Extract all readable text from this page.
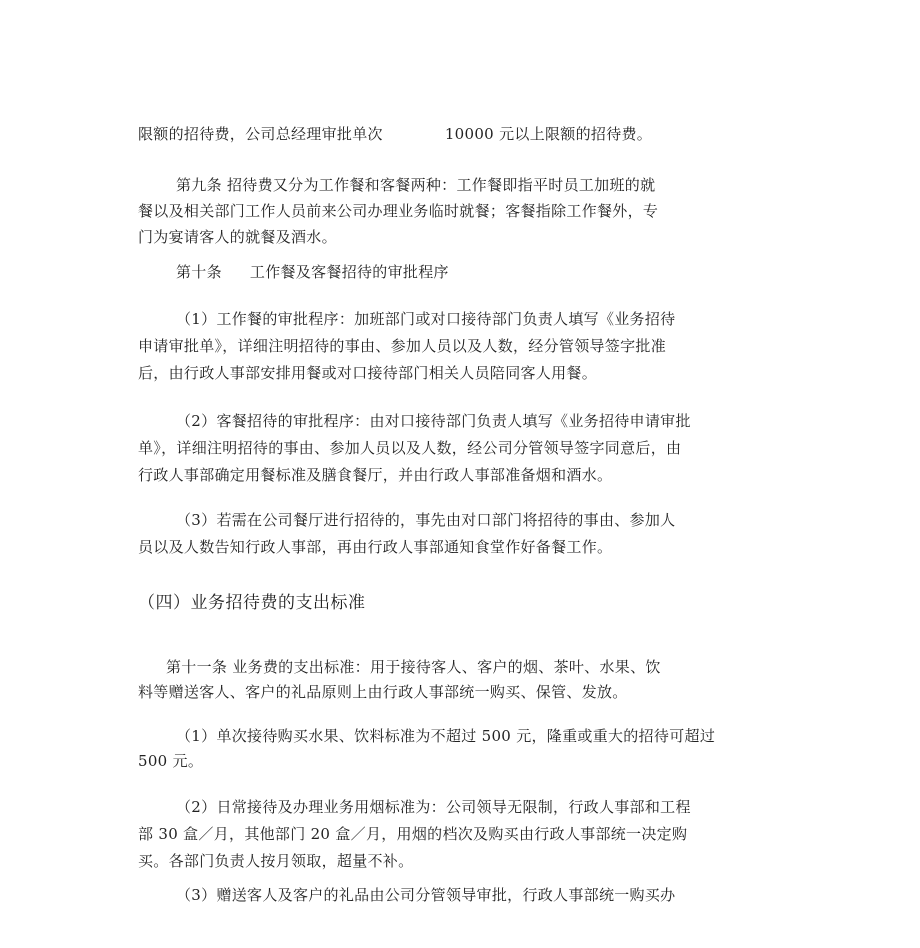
限额的招待费，公司总经理审批单次	10000 元以上限额的招待费。

第九条 招待费又分为工作餐和客餐两种：工作餐即指平时员工加班的就

餐以及相关部门工作人员前来公司办理业务临时就餐；客餐指除工作餐外，专

门为宴请客人的就餐及酒水。

第十条 工作餐及客餐招待的审批程序

（1）工作餐的审批程序：加班部门或对口接待部门负责人填写《业务招待

申请审批单》，详细注明招待的事由、参加人员以及人数，经分管领导签字批准

后，由行政人事部安排用餐或对口接待部门相关人员陪同客人用餐。

（2）客餐招待的审批程序：由对口接待部门负责人填写《业务招待申请审批

单》，详细注明招待的事由、参加人员以及人数，经公司分管领导签字同意后，由

行政人事部确定用餐标准及膳食餐厅，并由行政人事部准备烟和酒水。

（3）若需在公司餐厅进行招待的，事先由对口部门将招待的事由、参加人

员以及人数告知行政人事部，再由行政人事部通知食堂作好备餐工作。

（四）业务招待费的支出标准

第十一条 业务费的支出标准：用于接待客人、客户的烟、茶叶、水果、饮

料等赠送客人、客户的礼品原则上由行政人事部统一购买、保管、发放。

（1）单次接待购买水果、饮料标准为不超过 500 元，隆重或重大的招待可超过

500 元。

（2）日常接待及办理业务用烟标准为：公司领导无限制，行政人事部和工程

部 30 盒／月，其他部门 20 盒／月，用烟的档次及购买由行政人事部统一决定购

买。各部门负责人按月领取，超量不补。

（3）赠送客人及客户的礼品由公司分管领导审批，行政人事部统一购买办
